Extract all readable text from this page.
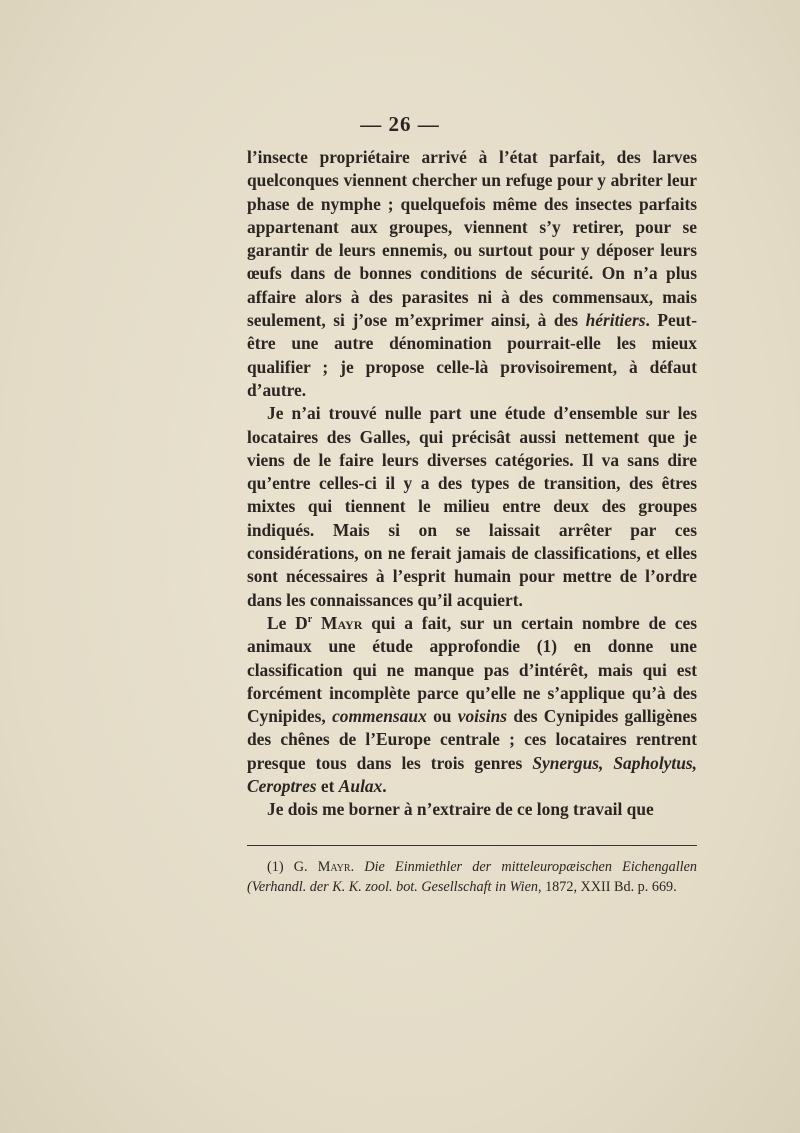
— 26 —

l’insecte propriétaire arrivé à l’état parfait, des larves quelconques viennent chercher un refuge pour y abriter leur phase de nymphe ; quelquefois même des insectes parfaits appartenant aux groupes, viennent s’y retirer, pour se garantir de leurs ennemis, ou surtout pour y déposer leurs œufs dans de bonnes conditions de sécurité. On n’a plus affaire alors à des parasites ni à des commensaux, mais seulement, si j’ose m’exprimer ainsi, à des héritiers. Peut-être une autre dénomination pourrait-elle les mieux qualifier ; je propose celle-là provisoirement, à défaut d’autre.

Je n’ai trouvé nulle part une étude d’ensemble sur les locataires des Galles, qui précisât aussi nettement que je viens de le faire leurs diverses catégories. Il va sans dire qu’entre celles-ci il y a des types de transition, des êtres mixtes qui tiennent le milieu entre deux des groupes indiqués. Mais si on se laissait arrêter par ces considérations, on ne ferait jamais de classifications, et elles sont nécessaires à l’esprit humain pour mettre de l’ordre dans les connaissances qu’il acquiert.

Le $D^r$ Mayr qui a fait, sur un certain nombre de ces animaux une étude approfondie (1) en donne une classification qui ne manque pas d’intérêt, mais qui est forcément incomplète parce qu’elle ne s’applique qu’à des Cynipides, commensaux ou voisins des Cynipides galligènes des chênes de l’Europe centrale ; ces locataires rentrent presque tous dans les trois genres Synergus, Sapholytus, Ceroptres et Aulax.

Je dois me borner à n’extraire de ce long travail que

(1) G. Mayr. Die Einmiethler der mitteleuropæischen Eichengallen (Verhandl. der K. K. zool. bot. Gesellschaft in Wien, 1872, XXII Bd. p. 669.
